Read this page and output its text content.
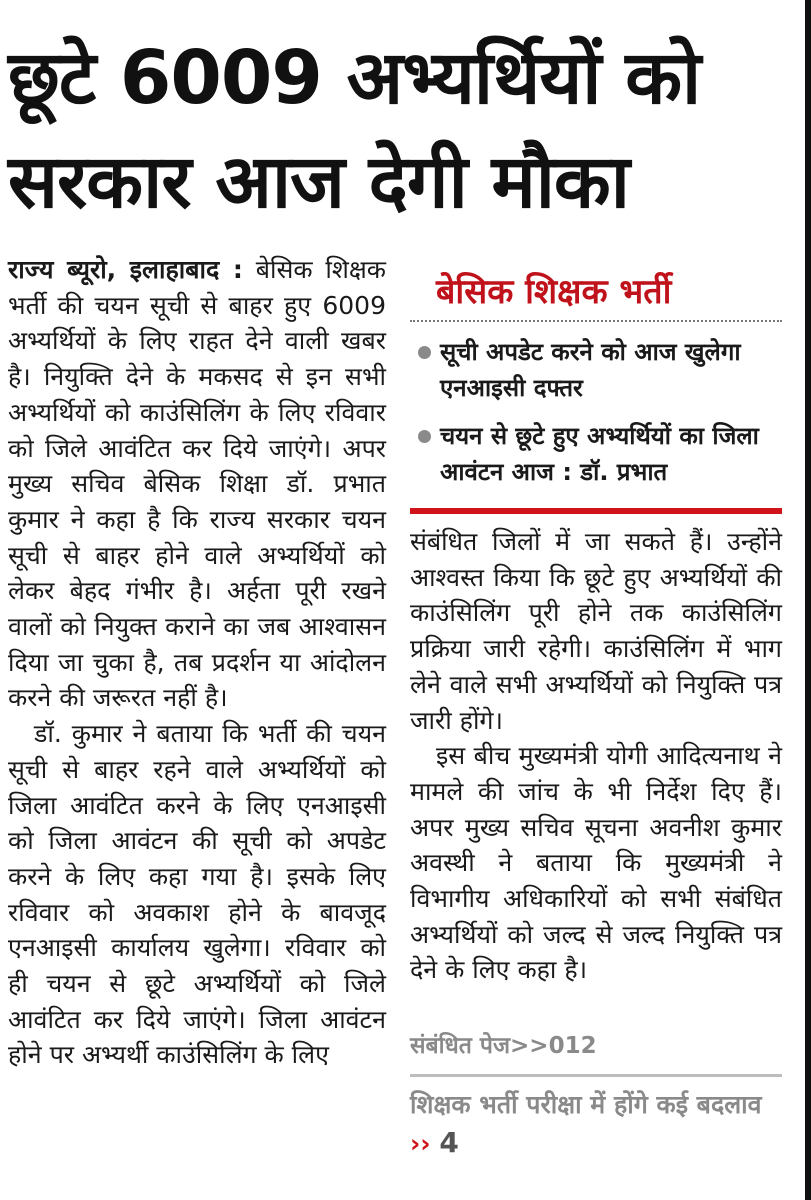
छूटे 6009 अभ्यर्थियों को
सरकार आज देगी मौका

राज्य ब्यूरो, इलाहाबाद : बेसिक शिक्षक भर्ती की चयन सूची से बाहर हुए 6009 अभ्यर्थियों के लिए राहत देने वाली खबर है। नियुक्ति देने के मकसद से इन सभी अभ्यर्थियों को काउंसिलिंग के लिए रविवार को जिले आवंटित कर दिये जाएंगे। अपर मुख्य सचिव बेसिक शिक्षा डॉ. प्रभात कुमार ने कहा है कि राज्य सरकार चयन सूची से बाहर होने वाले अभ्यर्थियों को लेकर बेहद गंभीर है। अर्हता पूरी रखने वालों को नियुक्त कराने का जब आश्वासन दिया जा चुका है, तब प्रदर्शन या आंदोलन करने की जरूरत नहीं है।

डॉ. कुमार ने बताया कि भर्ती की चयन सूची से बाहर रहने वाले अभ्यर्थियों को जिला आवंटित करने के लिए एनआइसी को जिला आवंटन की सूची को अपडेट करने के लिए कहा गया है। इसके लिए रविवार को अवकाश होने के बावजूद एनआइसी कार्यालय खुलेगा। रविवार को ही चयन से छूटे अभ्यर्थियों को जिले आवंटित कर दिये जाएंगे। जिला आवंटन होने पर अभ्यर्थी काउंसिलिंग के लिए

बेसिक शिक्षक भर्ती
सूची अपडेट करने को आज खुलेगा एनआइसी दफ्तर
चयन से छूटे हुए अभ्यर्थियों का जिला आवंटन आज : डॉ. प्रभात

संबंधित जिलों में जा सकते हैं। उन्होंने आश्वस्त किया कि छूटे हुए अभ्यर्थियों की काउंसिलिंग पूरी होने तक काउंसिलिंग प्रक्रिया जारी रहेगी। काउंसिलिंग में भाग लेने वाले सभी अभ्यर्थियों को नियुक्ति पत्र जारी होंगे।

इस बीच मुख्यमंत्री योगी आदित्यनाथ ने मामले की जांच के भी निर्देश दिए हैं। अपर मुख्य सचिव सूचना अवनीश कुमार अवस्थी ने बताया कि मुख्यमंत्री ने विभागीय अधिकारियों को सभी संबंधित अभ्यर्थियों को जल्द से जल्द नियुक्ति पत्र देने के लिए कहा है।

संबंधित पेज>>012
शिक्षक भर्ती परीक्षा में होंगे कई बदलाव ›› 4
